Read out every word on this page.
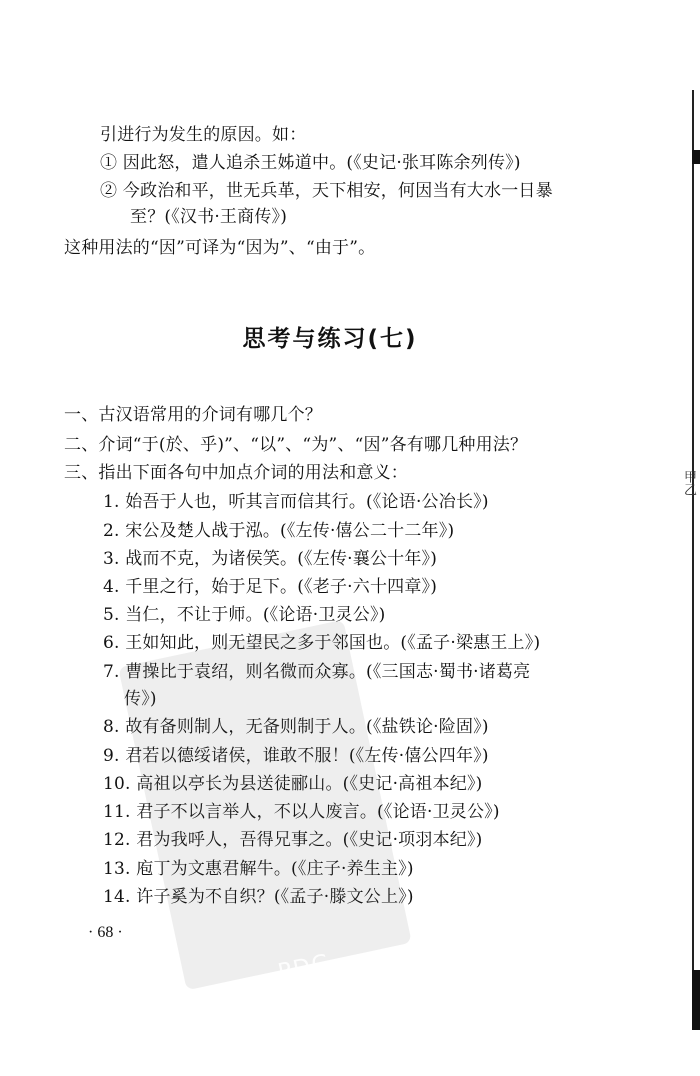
引进行为发生的原因。如：
① 因此怒，遣人追杀王姊道中。(《史记·张耳陈余列传》)
② 今政治和平，世无兵革，天下相安，何因当有大水一日暴
至？(《汉书·王商传》)
这种用法的“因”可译为“因为”、“由于”。
思考与练习(七)
一、古汉语常用的介词有哪几个？
二、介词“于(於、乎)”、“以”、“为”、“因”各有哪几种用法？
三、指出下面各句中加点介词的用法和意义：
1. 始吾于人也，听其言而信其行。(《论语·公冶长》)
2. 宋公及楚人战于泓。(《左传·僖公二十二年》)
3. 战而不克，为诸侯笑。(《左传·襄公十年》)
4. 千里之行，始于足下。(《老子·六十四章》)
5. 当仁，不让于师。(《论语·卫灵公》)
6. 王如知此，则无望民之多于邻国也。(《孟子·梁惠王上》)
7. 曹操比于袁绍，则名微而众寡。(《三国志·蜀书·诸葛亮
传》)
8. 故有备则制人，无备则制于人。(《盐铁论·险固》)
9. 君若以德绥诸侯，谁敢不服！(《左传·僖公四年》)
10. 高祖以亭长为县送徒郦山。(《史记·高祖本纪》)
11. 君子不以言举人，不以人废言。(《论语·卫灵公》)
12. 君为我呼人，吾得兄事之。(《史记·项羽本纪》)
13. 庖丁为文惠君解牛。(《庄子·养生主》)
14. 许子奚为不自织？(《孟子·滕文公上》)
· 68 ·
PDG
甲乙
